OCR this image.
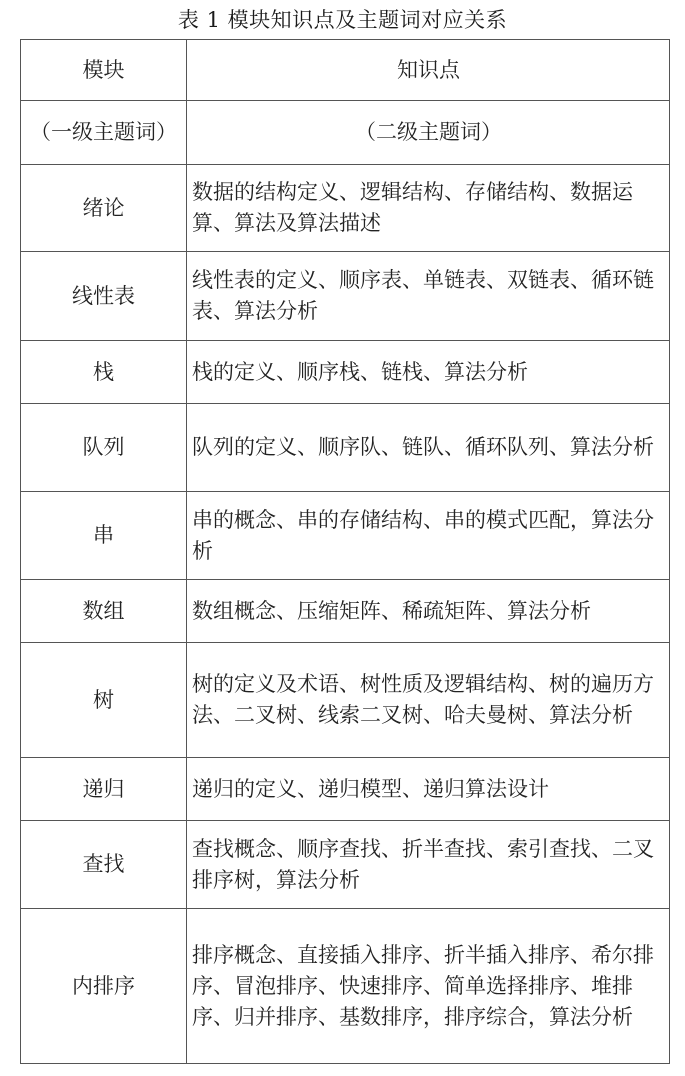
表 1 模块知识点及主题词对应关系
模块	知识点
（一级主题词）	（二级主题词）
绪论	数据的结构定义、逻辑结构、存储结构、数据运算、算法及算法描述
线性表	线性表的定义、顺序表、单链表、双链表、循环链表、算法分析
栈	栈的定义、顺序栈、链栈、算法分析
队列	队列的定义、顺序队、链队、循环队列、算法分析
串	串的概念、串的存储结构、串的模式匹配，算法分析
数组	数组概念、压缩矩阵、稀疏矩阵、算法分析
树	树的定义及术语、树性质及逻辑结构、树的遍历方法、二叉树、线索二叉树、哈夫曼树、算法分析
递归	递归的定义、递归模型、递归算法设计
查找	查找概念、顺序查找、折半查找、索引查找、二叉排序树，算法分析
内排序	排序概念、直接插入排序、折半插入排序、希尔排序、冒泡排序、快速排序、简单选择排序、堆排序、归并排序、基数排序，排序综合，算法分析
